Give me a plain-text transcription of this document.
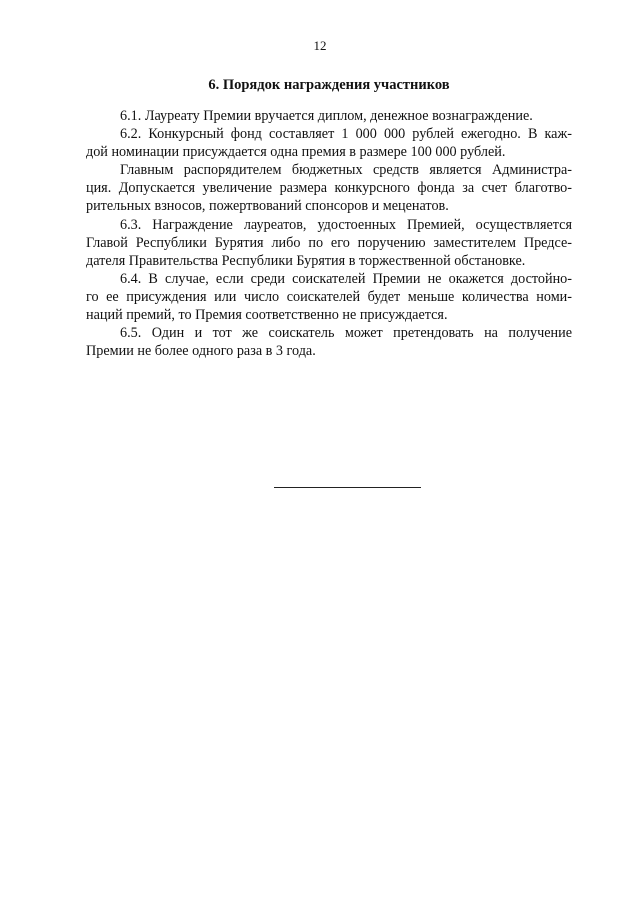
12
6. Порядок награждения участников

6.1. Лауреату Премии вручается диплом, денежное вознаграждение.

6.2. Конкурсный фонд составляет 1 000 000 рублей ежегодно. В каж-
дой номинации присуждается одна премия в размере 100 000 рублей.

Главным распорядителем бюджетных средств является Администра-
ция. Допускается увеличение размера конкурсного фонда за счет благотво-
рительных взносов, пожертвований спонсоров и меценатов.

6.3. Награждение лауреатов, удостоенных Премией, осуществляется
Главой Республики Бурятия либо по его поручению заместителем Предсе-
дателя Правительства Республики Бурятия в торжественной обстановке.

6.4. В случае, если среди соискателей Премии не окажется достойно-
го ее присуждения или число соискателей будет меньше количества номи-
наций премий, то Премия соответственно не присуждается.

6.5. Один и тот же соискатель может претендовать на получение
Премии не более одного раза в 3 года.
